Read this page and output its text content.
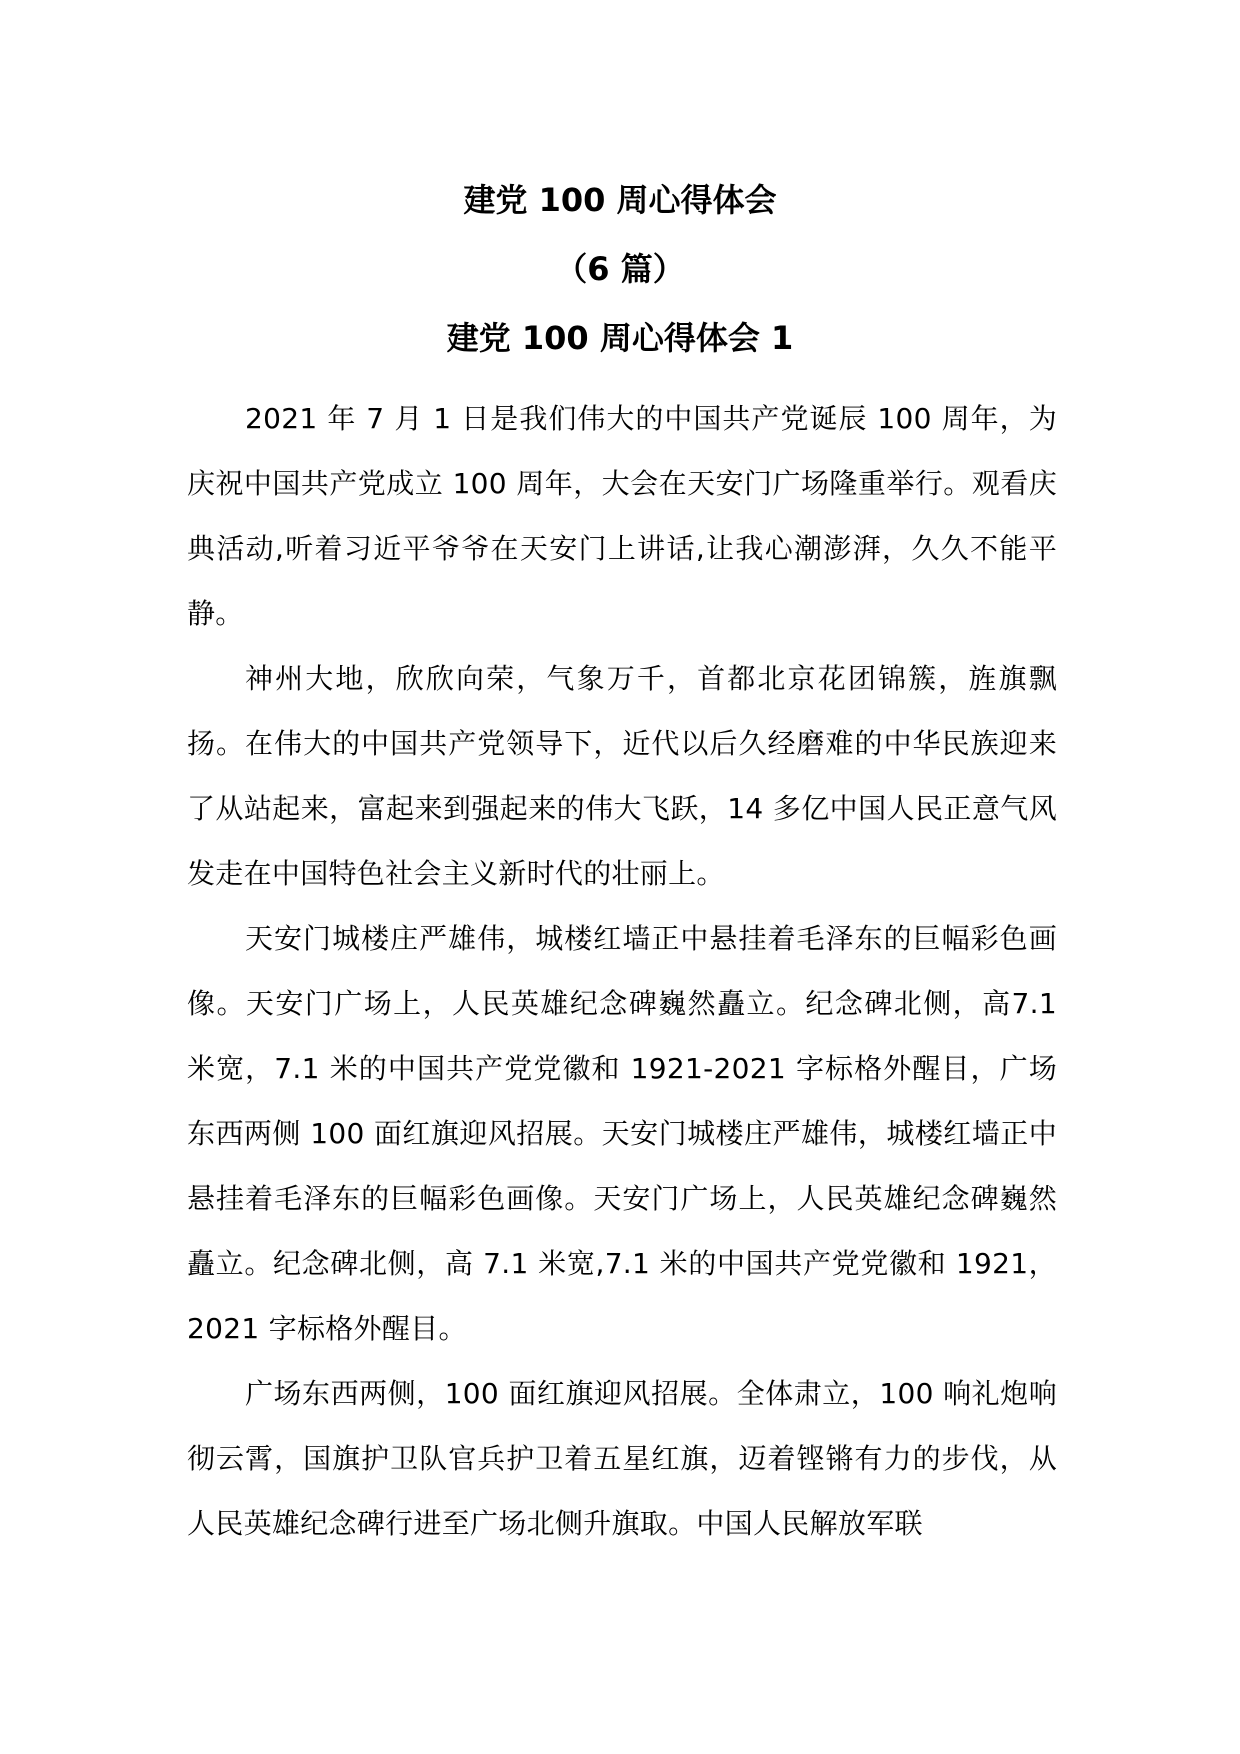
建党 100 周心得体会
（6 篇）
建党 100 周心得体会 1

2021 年 7 月 1 日是我们伟大的中国共产党诞辰 100 周年，为庆祝中国共产党成立 100 周年，大会在天安门广场隆重举行。观看庆典活动,听着习近平爷爷在天安门上讲话,让我心潮澎湃，久久不能平静。

神州大地，欣欣向荣，气象万千，首都北京花团锦簇，旌旗飘扬。在伟大的中国共产党领导下，近代以后久经磨难的中华民族迎来了从站起来，富起来到强起来的伟大飞跃，14 多亿中国人民正意气风发走在中国特色社会主义新时代的壮丽上。

天安门城楼庄严雄伟，城楼红墙正中悬挂着毛泽东的巨幅彩色画像。天安门广场上，人民英雄纪念碑巍然矗立。纪念碑北侧，高7.1 米宽，7.1 米的中国共产党党徽和 1921-2021 字标格外醒目，广场东西两侧 100 面红旗迎风招展。天安门城楼庄严雄伟，城楼红墙正中悬挂着毛泽东的巨幅彩色画像。天安门广场上，人民英雄纪念碑巍然矗立。纪念碑北侧，高 7.1 米宽,7.1 米的中国共产党党徽和 1921，2021 字标格外醒目。

广场东西两侧，100 面红旗迎风招展。全体肃立，100 响礼炮响彻云霄，国旗护卫队官兵护卫着五星红旗，迈着铿锵有力的步伐，从人民英雄纪念碑行进至广场北侧升旗取。中国人民解放军联
